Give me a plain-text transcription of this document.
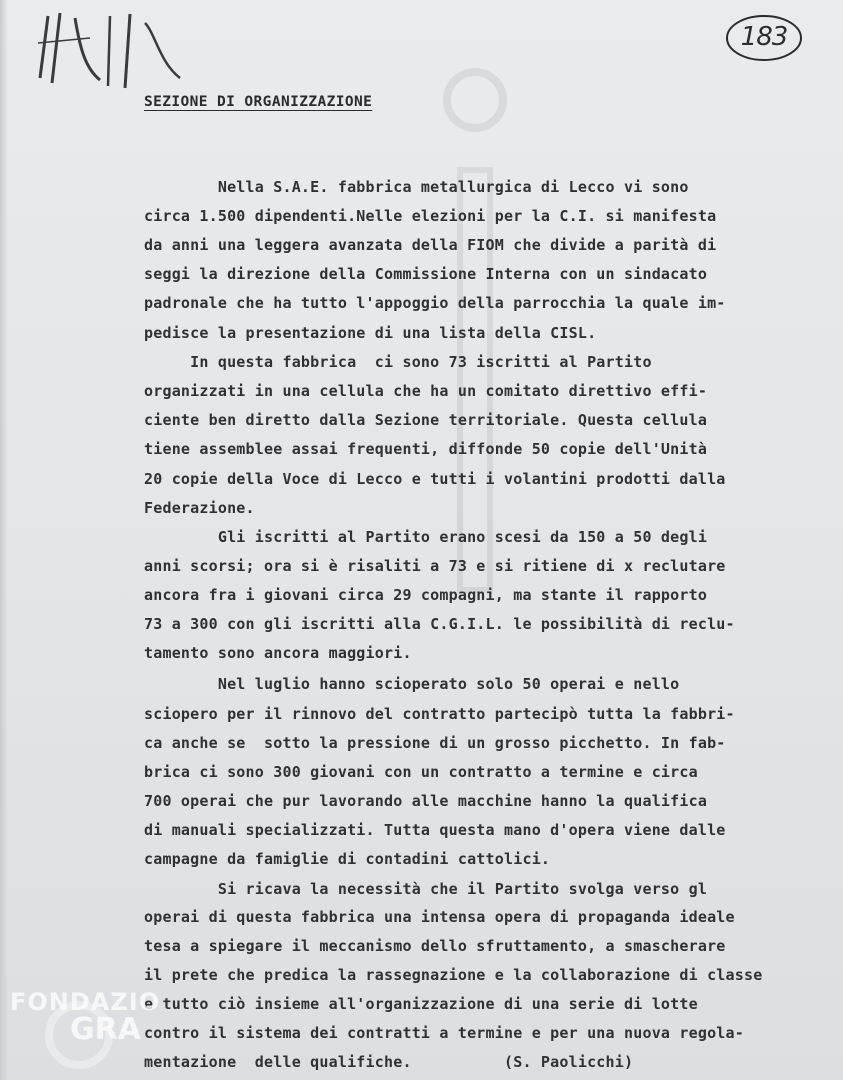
183
SEZIONE DI ORGANIZZAZIONE
Nella S.A.E. fabbrica metallurgica di Lecco vi sono
circa 1.500 dipendenti.Nelle elezioni per la C.I. si manifesta
da anni una leggera avanzata della FIOM che divide a parità di
seggi la direzione della Commissione Interna con un sindacato
padronale che ha tutto l'appoggio della parrocchia la quale im-
pedisce la presentazione di una lista della CISL.
In questa fabbrica  ci sono 73 iscritti al Partito
organizzati in una cellula che ha un comitato direttivo effi-
ciente ben diretto dalla Sezione territoriale. Questa cellula
tiene assemblee assai frequenti, diffonde 50 copie dell'Unità
20 copie della Voce di Lecco e tutti i volantini prodotti dalla
Federazione.
Gli iscritti al Partito erano scesi da 150 a 50 degli
anni scorsi; ora si è risaliti a 73 e si ritiene di x reclutare
ancora fra i giovani circa 29 compagni, ma stante il rapporto
73 a 300 con gli iscritti alla C.G.I.L. le possibilità di reclu-
tamento sono ancora maggiori.
Nel luglio hanno scioperato solo 50 operai e nello
sciopero per il rinnovo del contratto partecipò tutta la fabbri-
ca anche se  sotto la pressione di un grosso picchetto. In fab-
brica ci sono 300 giovani con un contratto a termine e circa
700 operai che pur lavorando alle macchine hanno la qualifica
di manuali specializzati. Tutta questa mano d'opera viene dalle
campagne da famiglie di contadini cattolici.
Si ricava la necessità che il Partito svolga verso gl
operai di questa fabbrica una intensa opera di propaganda ideale
tesa a spiegare il meccanismo dello sfruttamento, a smascherare
il prete che predica la rassegnazione e la collaborazione di classe
e tutto ciò insieme all'organizzazione di una serie di lotte
contro il sistema dei contratti a termine e per una nuova regola-
mentazione  delle qualifiche.          (S. Paolicchi)
FONDAZIO
GRA
